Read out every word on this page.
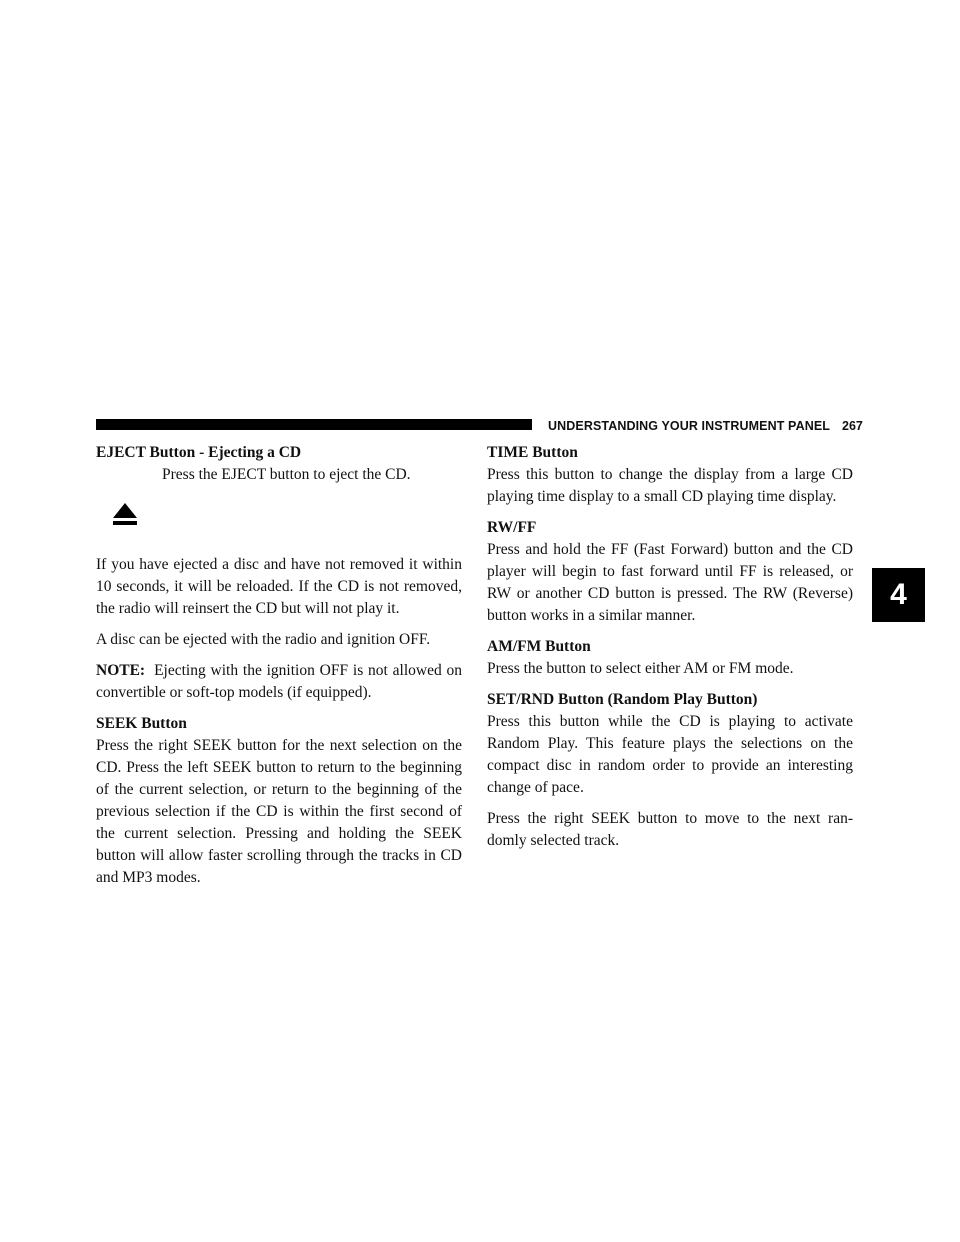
UNDERSTANDING YOUR INSTRUMENT PANEL 267
4
EJECT Button - Ejecting a CD
Press the EJECT button to eject the CD.

If you have ejected a disc and have not removed it within 10 seconds, it will be reloaded. If the CD is not removed, the radio will reinsert the CD but will not play it.

A disc can be ejected with the radio and ignition OFF.

NOTE: Ejecting with the ignition OFF is not allowed on convertible or soft-top models (if equipped).

SEEK Button

Press the right SEEK button for the next selection on the CD. Press the left SEEK button to return to the beginning of the current selection, or return to the beginning of the previous selection if the CD is within the first second of the current selection. Pressing and holding the SEEK button will allow faster scrolling through the tracks in CD and MP3 modes.

TIME Button

Press this button to change the display from a large CD playing time display to a small CD playing time display.

RW/FF

Press and hold the FF (Fast Forward) button and the CD player will begin to fast forward until FF is released, or RW or another CD button is pressed. The RW (Reverse) button works in a similar manner.

AM/FM Button

Press the button to select either AM or FM mode.

SET/RND Button (Random Play Button)

Press this button while the CD is playing to activate Random Play. This feature plays the selections on the compact disc in random order to provide an interesting change of pace.

Press the right SEEK button to move to the next ran-domly selected track.
